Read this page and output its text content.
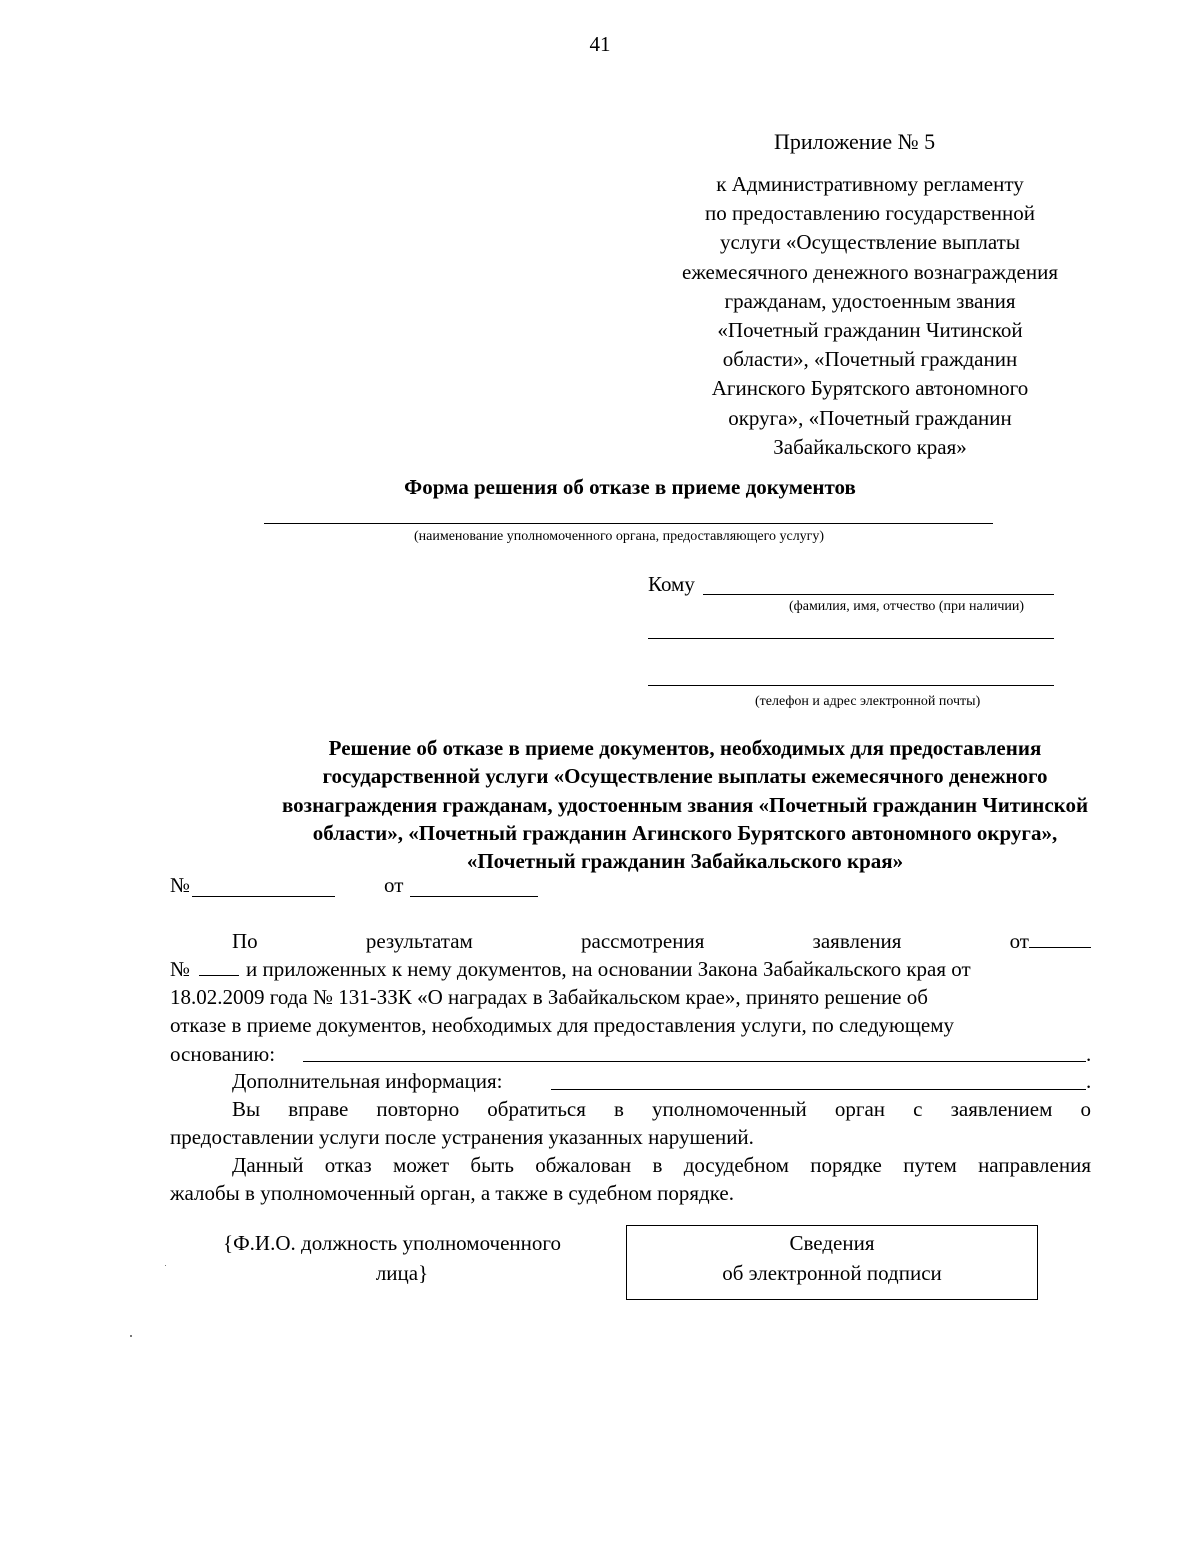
41
Приложение № 5
к Административному регламенту
по предоставлению государственной
услуги «Осуществление выплаты
ежемесячного денежного вознаграждения
гражданам, удостоенным звания
«Почетный гражданин Читинской
области», «Почетный гражданин
Агинского Бурятского автономного
округа», «Почетный гражданин
Забайкальского края»
Форма решения об отказе в приеме документов
(наименование уполномоченного органа, предоставляющего услугу)
Кому
(фамилия, имя, отчество (при наличии)
(телефон и адрес электронной почты)
Решение об отказе в приеме документов, необходимых для предоставления
государственной услуги «Осуществление выплаты ежемесячного денежного
вознаграждения гражданам, удостоенным звания «Почетный гражданин Читинской
области», «Почетный гражданин Агинского Бурятского автономного округа»,
«Почетный гражданин Забайкальского края»
№	от
По	результатам	рассмотрения	заявления	от
№	и приложенных к нему документов, на основании Закона Забайкальского края от
18.02.2009 года № 131-ЗЗК «О наградах в Забайкальском крае», принято решение об
отказе в приеме документов, необходимых для предоставления услуги, по следующему
основанию:	.
Дополнительная информация:	.
Вы вправе повторно обратиться в уполномоченный орган с заявлением о
предоставлении услуги после устранения указанных нарушений.
Данный отказ может быть обжалован в досудебном порядке путем направления
жалобы в уполномоченный орган, а также в судебном порядке.
{Ф.И.О. должность уполномоченного
лица}
Сведения
об электронной подписи
